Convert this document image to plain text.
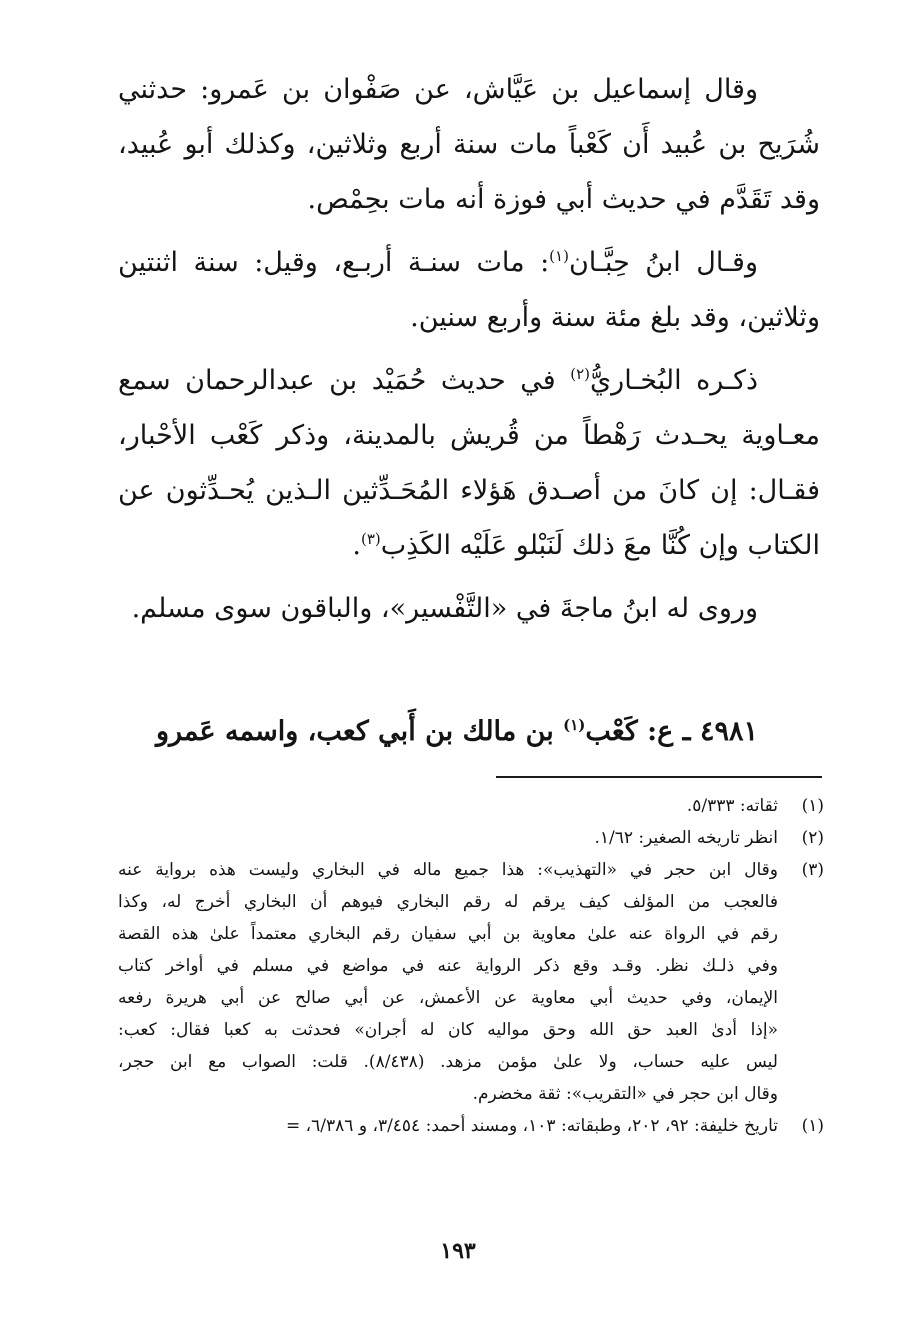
وقال إسماعيل بن عَيَّاش، عن صَفْوان بن عَمرو: حدثني شُرَيح بن عُبيد أَن كَعْباً مات سنة أربع وثلاثين، وكذلك أبو عُبيد، وقد تَقَدَّم في حديث أبي فوزة أنه مات بحِمْص.

وقـال ابنُ حِبَّـان$^{(١)}$: مات سنـة أربـع، وقيل: سنة اثنتين وثلاثين، وقد بلغ مئة سنة وأربع سنين.

ذكـره البُخـاريُّ$^{(٢)}$ في حديث حُمَيْد بن عبدالرحمان سمع معـاوية يحـدث رَهْطاً من قُريش بالمدينة، وذكر كَعْب الأحْبار، فقـال: إن كانَ من أصـدق هَؤلاء المُحَـدِّثين الـذين يُحـدِّثون عن الكتاب وإن كُنَّا معَ ذلك لَنَبْلو عَلَيْه الكَذِب$^{(٣)}$.

وروى له ابنُ ماجةَ في «التَّفْسير»، والباقون سوى مسلم.

٤٩٨١ ـ ع: كَعْب$^{(١)}$ بن مالك بن أَبي كعب، واسمه عَمرو

(١)
ثقاته: ٥/٣٣٣.
(٢)
انظر تاريخه الصغير: ١/٦٢.
(٣)
وقال ابن حجر في «التهذيب»: هذا جميع ماله في البخاري وليست هذه برواية عنه
فالعجب من المؤلف كيف يرقم له رقم البخاري فيوهم أن البخاري أخرج له، وكذا
رقم في الرواة عنه علىٰ معاوية بن أبي سفيان رقم البخاري معتمداً علىٰ هذه القصة
وفي ذلـك نظر. وقـد وقع ذكر الرواية عنه في مواضع في مسلم في أواخر كتاب
الإيمان، وفي حديث أبي معاوية عن الأعمش، عن أبي صالح عن أبي هريرة رفعه
«إذا أدىٰ العبد حق الله وحق مواليه كان له أجران» فحدثت به كعبا فقال: كعب:
ليس عليه حساب، ولا علىٰ مؤمن مزهد. (٨/٤٣٨). قلت: الصواب مع ابن حجر،
وقال ابن حجر في «التقريب»: ثقة مخضرم.
(١)
تاريخ خليفة: ٩٢، ٢٠٢، وطبقاته: ١٠٣، ومسند أحمد: ٣/٤٥٤، و ٦/٣٨٦، =
١٩٣
